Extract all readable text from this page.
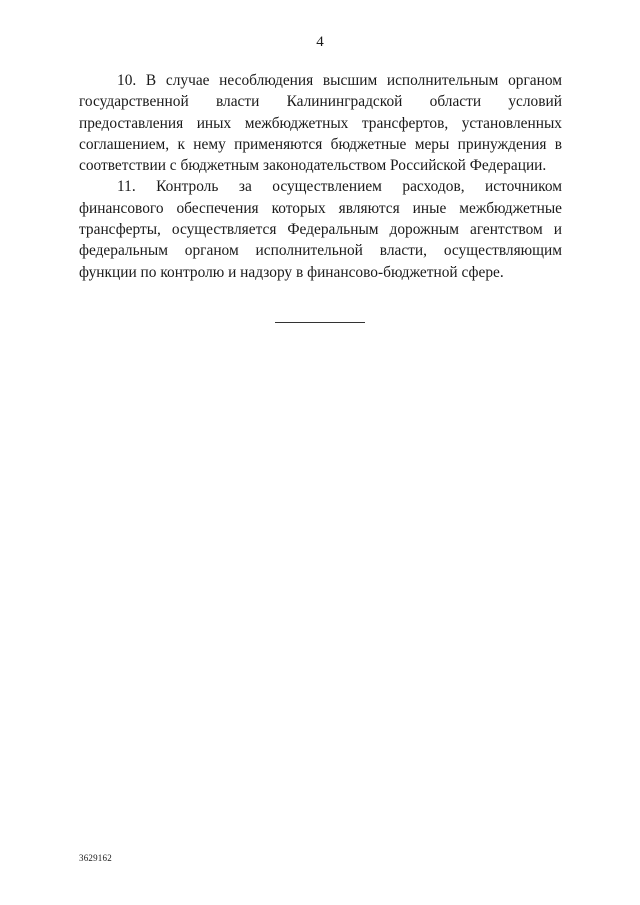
4

10. В случае несоблюдения высшим исполнительным органом государственной власти Калининградской области условий предоставления иных межбюджетных трансфертов, установленных соглашением, к нему применяются бюджетные меры принуждения в соответствии с бюджетным законодательством Российской Федерации.

11. Контроль за осуществлением расходов, источником финансового обеспечения которых являются иные межбюджетные трансферты, осуществляется Федеральным дорожным агентством и федеральным органом исполнительной власти, осуществляющим функции по контролю и надзору в финансово-бюджетной сфере.

3629162
